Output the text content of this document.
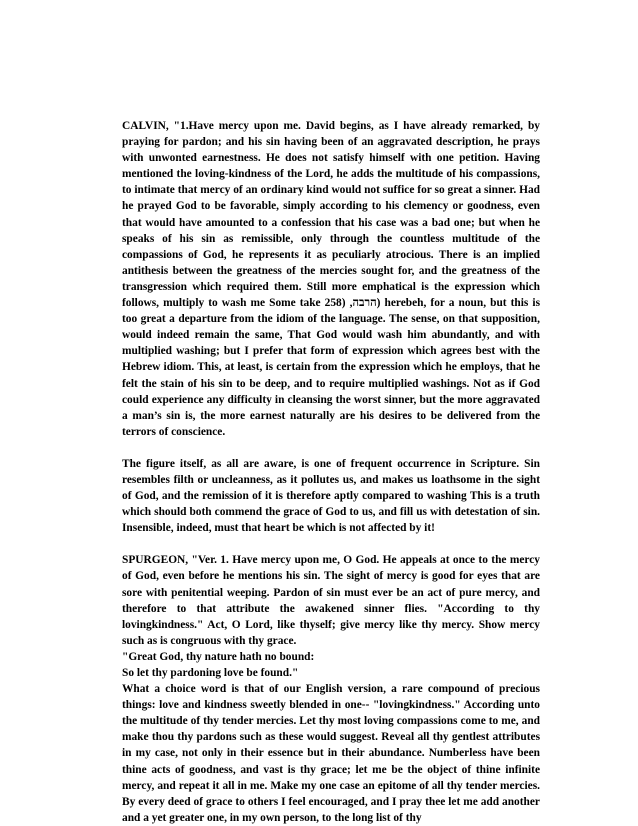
CALVIN, "1.Have mercy upon me. David begins, as I have already remarked, by praying for pardon; and his sin having been of an aggravated description, he prays with unwonted earnestness. He does not satisfy himself with one petition. Having mentioned the loving-kindness of the Lord, he adds the multitude of his compassions, to intimate that mercy of an ordinary kind would not suffice for so great a sinner. Had he prayed God to be favorable, simply according to his clemency or goodness, even that would have amounted to a confession that his case was a bad one; but when he speaks of his sin as remissible, only through the countless multitude of the compassions of God, he represents it as peculiarly atrocious. There is an implied antithesis between the greatness of the mercies sought for, and the greatness of the transgression which required them. Still more emphatical is the expression which follows, multiply to wash me Some take 258) ,הרבה) herebeh, for a noun, but this is too great a departure from the idiom of the language. The sense, on that supposition, would indeed remain the same, That God would wash him abundantly, and with multiplied washing; but I prefer that form of expression which agrees best with the Hebrew idiom. This, at least, is certain from the expression which he employs, that he felt the stain of his sin to be deep, and to require multiplied washings. Not as if God could experience any difficulty in cleansing the worst sinner, but the more aggravated a man’s sin is, the more earnest naturally are his desires to be delivered from the terrors of conscience.

The figure itself, as all are aware, is one of frequent occurrence in Scripture. Sin resembles filth or uncleanness, as it pollutes us, and makes us loathsome in the sight of God, and the remission of it is therefore aptly compared to washing This is a truth which should both commend the grace of God to us, and fill us with detestation of sin. Insensible, indeed, must that heart be which is not affected by it!

SPURGEON, "Ver. 1. Have mercy upon me, O God. He appeals at once to the mercy of God, even before he mentions his sin. The sight of mercy is good for eyes that are sore with penitential weeping. Pardon of sin must ever be an act of pure mercy, and therefore to that attribute the awakened sinner flies. "According to thy lovingkindness." Act, O Lord, like thyself; give mercy like thy mercy. Show mercy such as is congruous with thy grace.

"Great God, thy nature hath no bound:

So let thy pardoning love be found."

What a choice word is that of our English version, a rare compound of precious things: love and kindness sweetly blended in one-- "lovingkindness." According unto the multitude of thy tender mercies. Let thy most loving compassions come to me, and make thou thy pardons such as these would suggest. Reveal all thy gentlest attributes in my case, not only in their essence but in their abundance. Numberless have been thine acts of goodness, and vast is thy grace; let me be the object of thine infinite mercy, and repeat it all in me. Make my one case an epitome of all thy tender mercies. By every deed of grace to others I feel encouraged, and I pray thee let me add another and a yet greater one, in my own person, to the long list of thy
